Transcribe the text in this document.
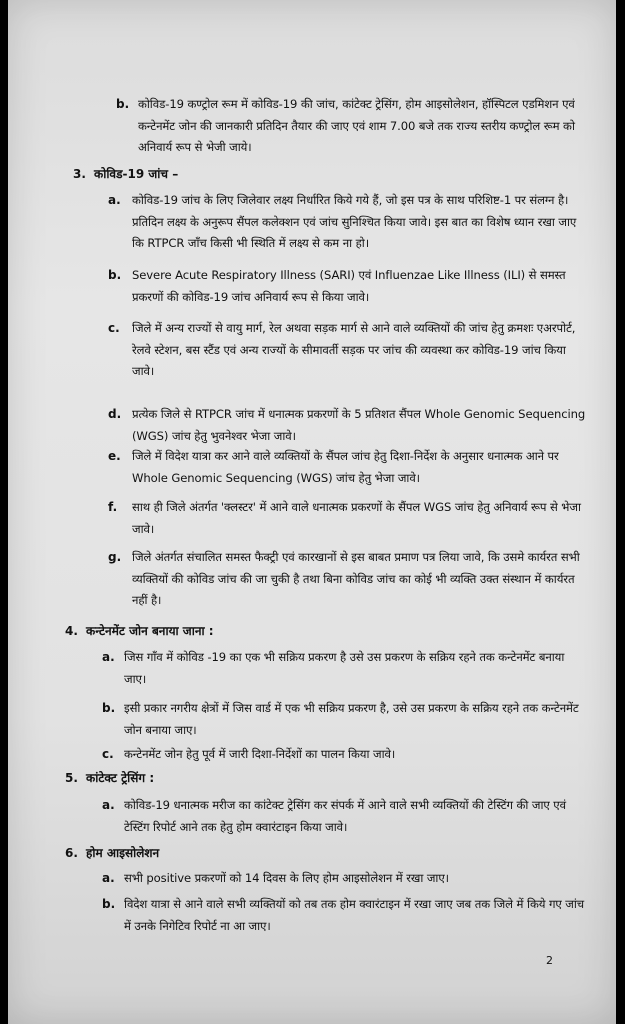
b. कोविड-19 कण्ट्रोल रूम में कोविड-19 की जांच, कांटेक्ट ट्रेसिंग, होम आइसोलेशन, हॉस्पिटल एडमिशन एवं कन्टेनमेंट जोन की जानकारी प्रतिदिन तैयार की जाए एवं शाम 7.00 बजे तक राज्य स्तरीय कण्ट्रोल रूम को अनिवार्य रूप से भेजी जाये।
3. कोविड-19 जांच –
a. कोविड-19 जांच के लिए जिलेवार लक्ष्य निर्धारित किये गये हैं, जो इस पत्र के साथ परिशिष्ट-1 पर संलग्न है। प्रतिदिन लक्ष्य के अनुरूप सैंपल कलेक्शन एवं जांच सुनिश्चित किया जावे। इस बात का विशेष ध्यान रखा जाए कि RTPCR जाँच किसी भी स्थिति में लक्ष्य से कम ना हो।
b. Severe Acute Respiratory Illness (SARI) एवं Influenzae Like Illness (ILI) से समस्त प्रकरणों की कोविड-19 जांच अनिवार्य रूप से किया जावे।
c. जिले में अन्य राज्यों से वायु मार्ग, रेल अथवा सड़क मार्ग से आने वाले व्यक्तियों की जांच हेतु क्रमशः एअरपोर्ट, रेलवे स्टेशन, बस स्टैंड एवं अन्य राज्यों के सीमावर्ती सड़क पर जांच की व्यवस्था कर कोविड-19 जांच किया जावे।
d. प्रत्येक जिले से RTPCR जांच में धनात्मक प्रकरणों के 5 प्रतिशत सैंपल Whole Genomic Sequencing (WGS) जांच हेतु भुवनेश्वर भेजा जावे।
e. जिले में विदेश यात्रा कर आने वाले व्यक्तियों के सैंपल जांच हेतु दिशा-निर्देश के अनुसार धनात्मक आने पर Whole Genomic Sequencing (WGS) जांच हेतु भेजा जावे।
f. साथ ही जिले अंतर्गत 'क्लस्टर' में आने वाले धनात्मक प्रकरणों के सैंपल WGS जांच हेतु अनिवार्य रूप से भेजा जावे।
g. जिले अंतर्गत संचालित समस्त फैक्ट्री एवं कारखानों से इस बाबत प्रमाण पत्र लिया जावे, कि उसमे कार्यरत सभी व्यक्तियों की कोविड जांच की जा चुकी है तथा बिना कोविड जांच का कोई भी व्यक्ति उक्त संस्थान में कार्यरत नहीं है।
4. कन्टेनमेंट जोन बनाया जाना :
a. जिस गाँव में कोविड -19 का एक भी सक्रिय प्रकरण है उसे उस प्रकरण के सक्रिय रहने तक कन्टेनमेंट बनाया जाए।
b. इसी प्रकार नगरीय क्षेत्रों में जिस वार्ड में एक भी सक्रिय प्रकरण है, उसे उस प्रकरण के सक्रिय रहने तक कन्टेनमेंट जोन बनाया जाए।
c. कन्टेनमेंट जोन हेतु पूर्व में जारी दिशा-निर्देशों का पालन किया जावे।
5. कांटेक्ट ट्रेसिंग :
a. कोविड-19 धनात्मक मरीज का कांटेक्ट ट्रेसिंग कर संपर्क में आने वाले सभी व्यक्तियों की टेस्टिंग की जाए एवं टेस्टिंग रिपोर्ट आने तक हेतु होम क्वारंटाइन किया जावे।
6. होम आइसोलेशन
a. सभी positive प्रकरणों को 14 दिवस के लिए होम आइसोलेशन में रखा जाए।
b. विदेश यात्रा से आने वाले सभी व्यक्तियों को तब तक होम क्वारंटाइन में रखा जाए जब तक जिले में किये गए जांच में उनके निगेटिव रिपोर्ट ना आ जाए।
2
